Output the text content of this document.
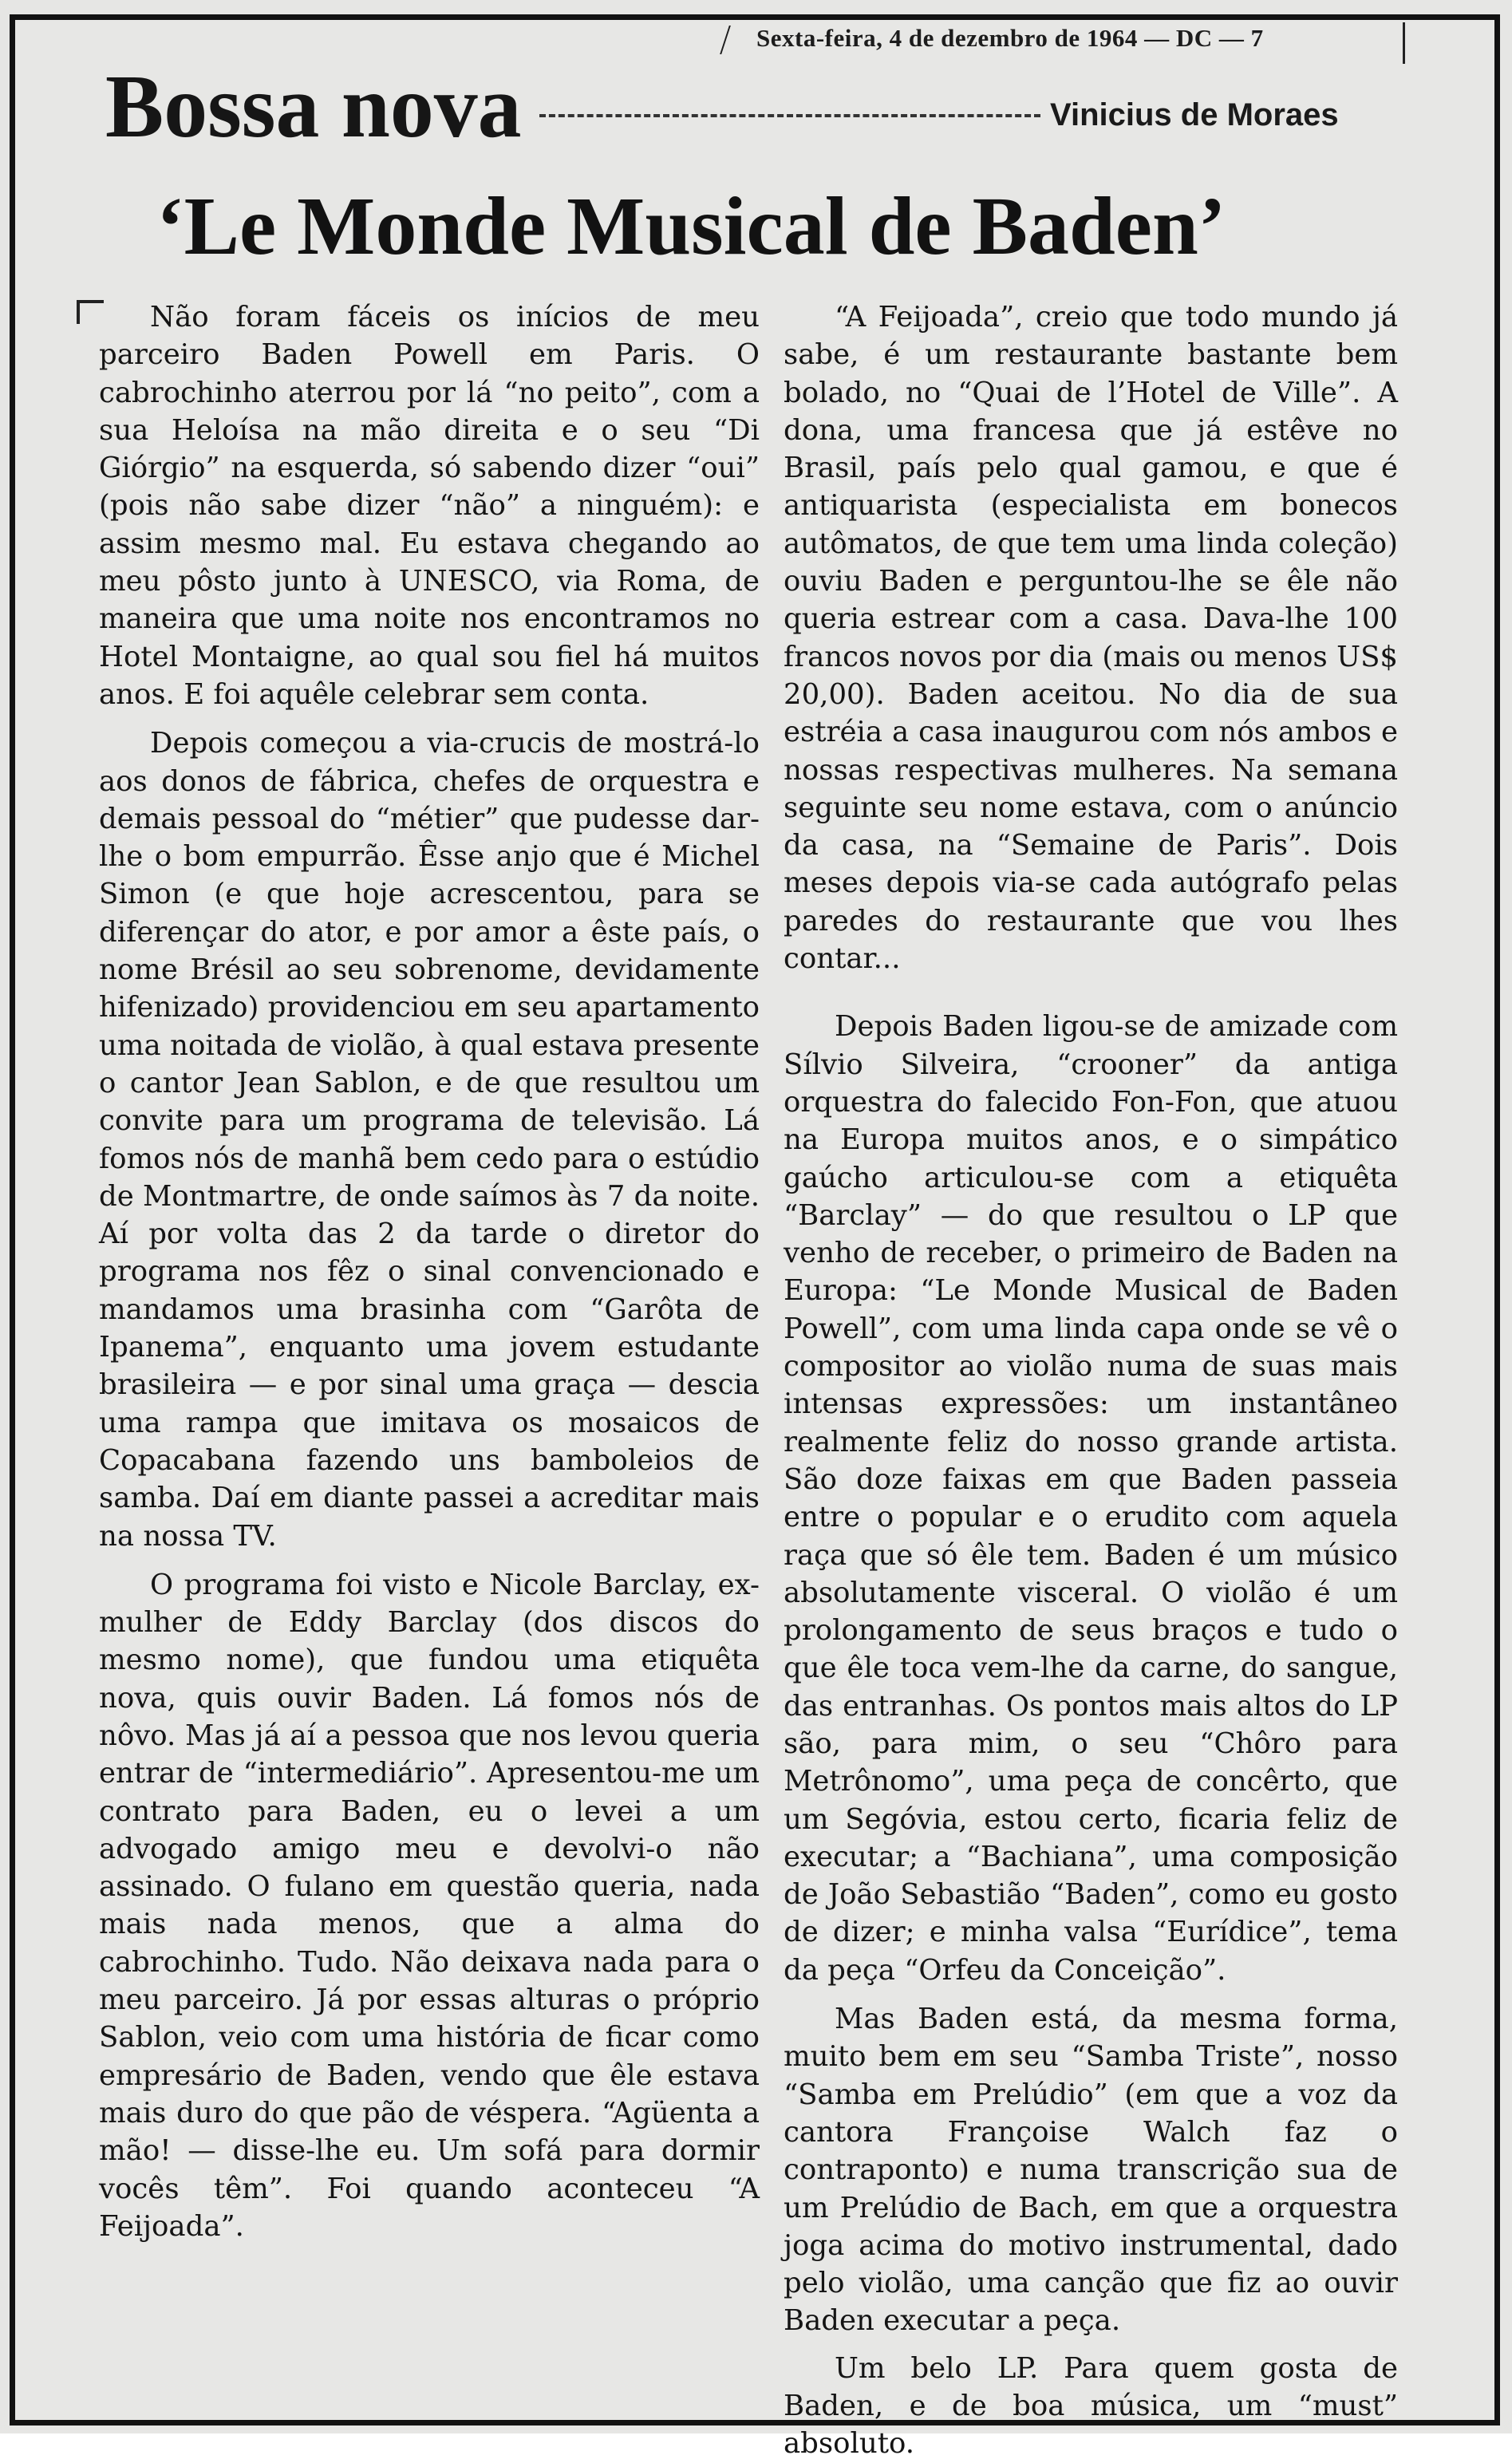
Sexta-feira, 4 de dezembro de 1964 — DC — 7
Bossa nova	Vinicius de Moraes
‘Le Monde Musical de Baden’

Não foram fáceis os inícios de meu parceiro Baden Powell em Paris. O cabrochinho aterrou por lá “no peito”, com a sua Heloísa na mão direita e o seu “Di Giórgio” na esquerda, só sabendo dizer “oui” (pois não sabe dizer “não” a ninguém): e assim mesmo mal. Eu estava chegando ao meu pôsto junto à UNESCO, via Roma, de maneira que uma noite nos encontramos no Hotel Montaigne, ao qual sou fiel há muitos anos. E foi aquêle celebrar sem conta.

Depois começou a via-crucis de mostrá-lo aos donos de fábrica, chefes de orquestra e demais pessoal do “métier” que pudesse dar-lhe o bom empurrão. Êsse anjo que é Michel Simon (e que hoje acrescentou, para se diferençar do ator, e por amor a êste país, o nome Brésil ao seu sobrenome, devidamente hifenizado) providenciou em seu apartamento uma noitada de violão, à qual estava presente o cantor Jean Sablon, e de que resultou um convite para um programa de televisão. Lá fomos nós de manhã bem cedo para o estúdio de Montmartre, de onde saímos às 7 da noite. Aí por volta das 2 da tarde o diretor do programa nos fêz o sinal convencionado e mandamos uma brasinha com “Garôta de Ipanema”, enquanto uma jovem estudante brasileira — e por sinal uma graça — descia uma rampa que imitava os mosaicos de Copacabana fazendo uns bamboleios de samba. Daí em diante passei a acreditar mais na nossa TV.

O programa foi visto e Nicole Barclay, ex-mulher de Eddy Barclay (dos discos do mesmo nome), que fundou uma etiquêta nova, quis ouvir Baden. Lá fomos nós de nôvo. Mas já aí a pessoa que nos levou queria entrar de “intermediário”. Apresentou-me um contrato para Baden, eu o levei a um advogado amigo meu e devolvi-o não assinado. O fulano em questão queria, nada mais nada menos, que a alma do cabrochinho. Tudo. Não deixava nada para o meu parceiro. Já por essas alturas o próprio Sablon, veio com uma história de ficar como empresário de Baden, vendo que êle estava mais duro do que pão de véspera. “Agüenta a mão! — disse-lhe eu. Um sofá para dormir vocês têm”. Foi quando aconteceu “A Feijoada”.

“A Feijoada”, creio que todo mundo já sabe, é um restaurante bastante bem bolado, no “Quai de l’Hotel de Ville”. A dona, uma francesa que já estêve no Brasil, país pelo qual gamou, e que é antiquarista (especialista em bonecos autômatos, de que tem uma linda coleção) ouviu Baden e perguntou-lhe se êle não queria estrear com a casa. Dava-lhe 100 francos novos por dia (mais ou menos US$ 20,00). Baden aceitou. No dia de sua estréia a casa inaugurou com nós ambos e nossas respectivas mulheres. Na semana seguinte seu nome estava, com o anúncio da casa, na “Semaine de Paris”. Dois meses depois via-se cada autógrafo pelas paredes do restaurante que vou lhes contar...

Depois Baden ligou-se de amizade com Sílvio Silveira, “crooner” da antiga orquestra do falecido Fon-Fon, que atuou na Europa muitos anos, e o simpático gaúcho articulou-se com a etiquêta “Barclay” — do que resultou o LP que venho de receber, o primeiro de Baden na Europa: “Le Monde Musical de Baden Powell”, com uma linda capa onde se vê o compositor ao violão numa de suas mais intensas expressões: um instantâneo realmente feliz do nosso grande artista. São doze faixas em que Baden passeia entre o popular e o erudito com aquela raça que só êle tem. Baden é um músico absolutamente visceral. O violão é um prolongamento de seus braços e tudo o que êle toca vem-lhe da carne, do sangue, das entranhas. Os pontos mais altos do LP são, para mim, o seu “Chôro para Metrônomo”, uma peça de concêrto, que um Segóvia, estou certo, ficaria feliz de executar; a “Bachiana”, uma composição de João Sebastião “Baden”, como eu gosto de dizer; e minha valsa “Eurídice”, tema da peça “Orfeu da Conceição”.

Mas Baden está, da mesma forma, muito bem em seu “Samba Triste”, nosso “Samba em Prelúdio” (em que a voz da cantora Françoise Walch faz o contraponto) e numa transcrição sua de um Prelúdio de Bach, em que a orquestra joga acima do motivo instrumental, dado pelo violão, uma canção que fiz ao ouvir Baden executar a peça.

Um belo LP. Para quem gosta de Baden, e de boa música, um “must” absoluto.
